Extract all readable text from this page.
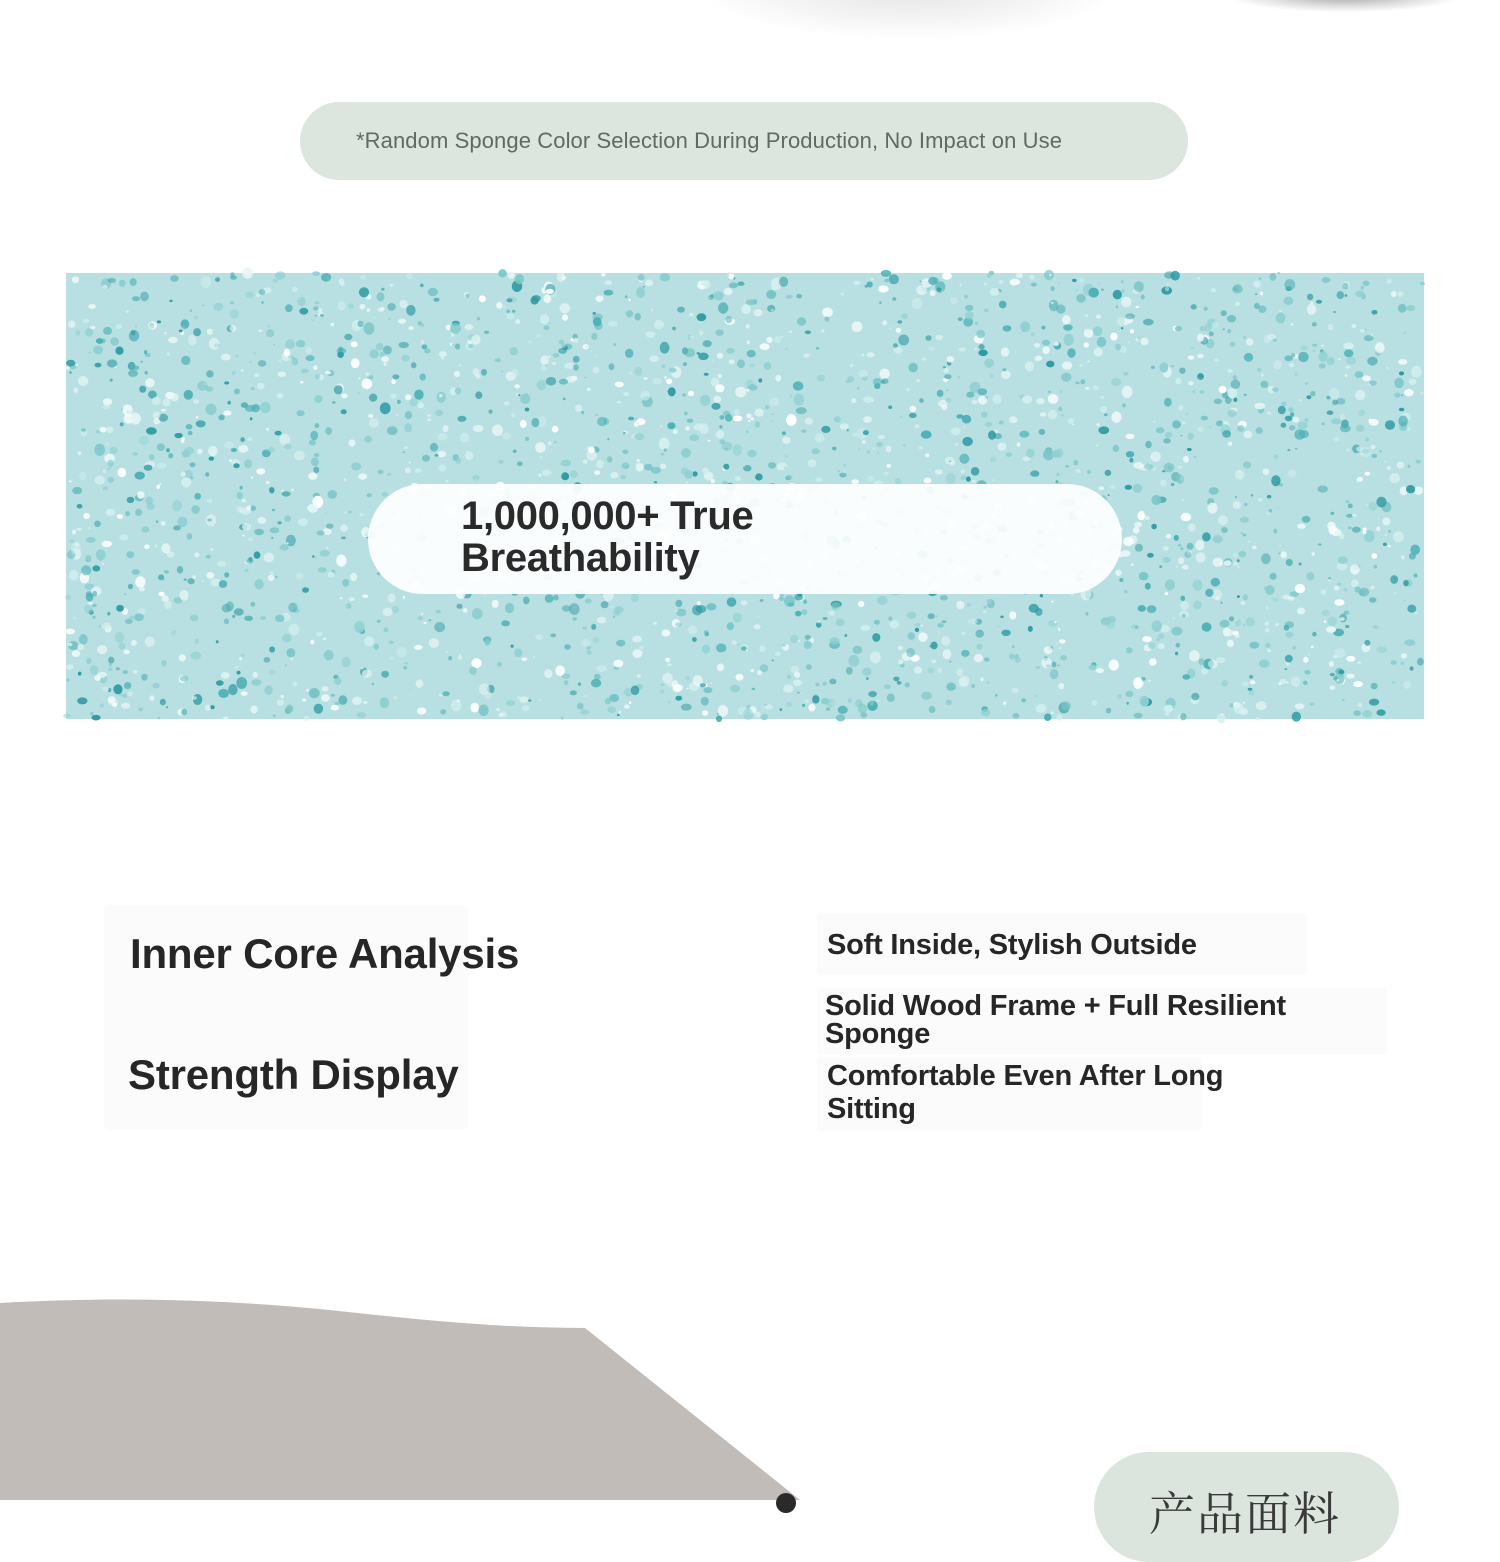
*Random Sponge Color Selection During Production, No Impact on Use
1,000,000+ True
Breathability
Inner Core Analysis
Strength Display
Soft Inside, Stylish Outside
Solid Wood Frame + Full Resilient Sponge
Comfortable Even After Long Sitting
产品面料
